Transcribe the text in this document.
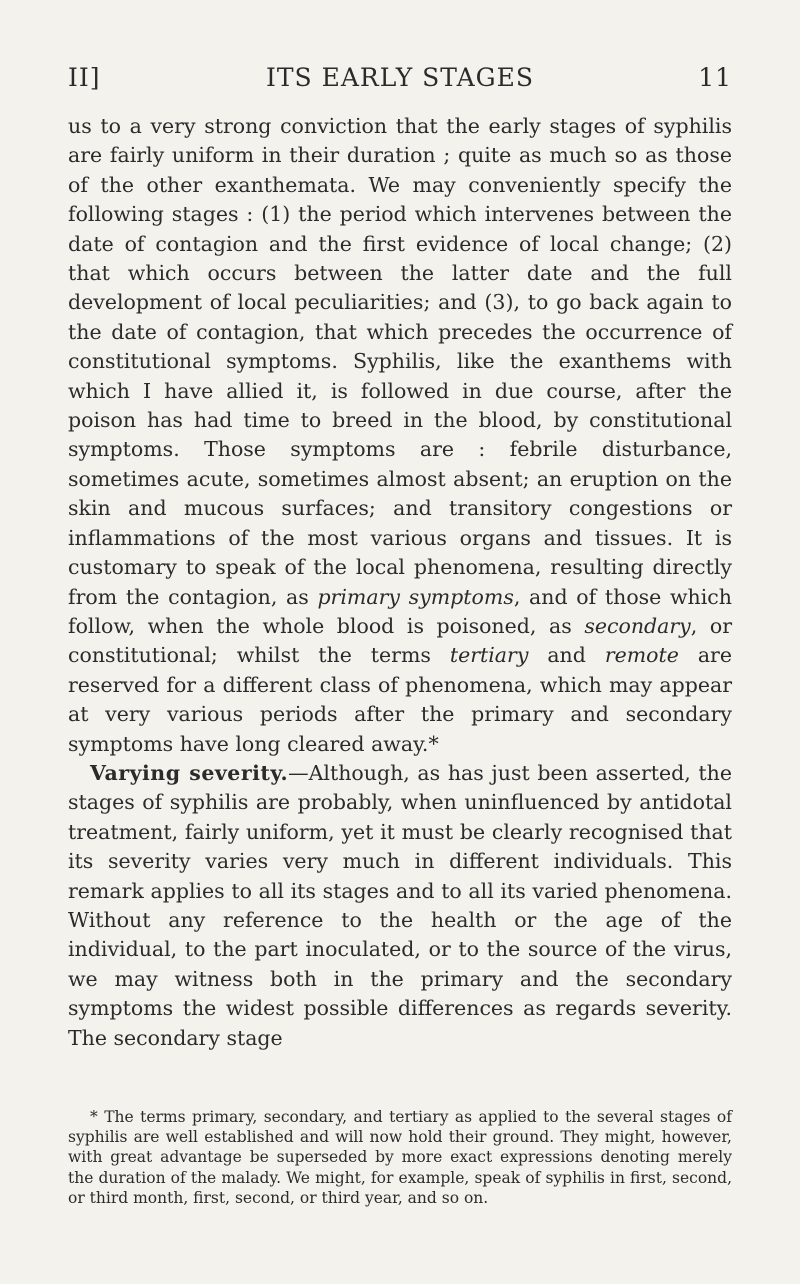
II]	ITS EARLY STAGES	11

us to a very strong conviction that the early stages of syphilis are fairly uniform in their duration ; quite as much so as those of the other exanthemata. We may conveniently specify the following stages : (1) the period which intervenes between the date of contagion and the first evidence of local change; (2) that which occurs between the latter date and the full development of local peculiarities; and (3), to go back again to the date of contagion, that which precedes the occurrence of constitutional symptoms. Syphilis, like the exanthems with which I have allied it, is followed in due course, after the poison has had time to breed in the blood, by constitutional symptoms. Those symptoms are : febrile disturbance, sometimes acute, sometimes almost absent; an eruption on the skin and mucous surfaces; and transitory congestions or inflammations of the most various organs and tissues. It is customary to speak of the local phenomena, resulting directly from the contagion, as primary symptoms, and of those which follow, when the whole blood is poisoned, as secondary, or constitutional; whilst the terms tertiary and remote are reserved for a different class of phenomena, which may appear at very various periods after the primary and secondary symptoms have long cleared away.*

Varying severity.—Although, as has just been asserted, the stages of syphilis are probably, when uninfluenced by antidotal treatment, fairly uniform, yet it must be clearly recognised that its severity varies very much in different individuals. This remark applies to all its stages and to all its varied phenomena. Without any reference to the health or the age of the individual, to the part inoculated, or to the source of the virus, we may witness both in the primary and the secondary symptoms the widest possible differences as regards severity. The secondary stage

* The terms primary, secondary, and tertiary as applied to the several stages of syphilis are well established and will now hold their ground. They might, however, with great advantage be superseded by more exact expressions denoting merely the duration of the malady. We might, for example, speak of syphilis in first, second, or third month, first, second, or third year, and so on.
